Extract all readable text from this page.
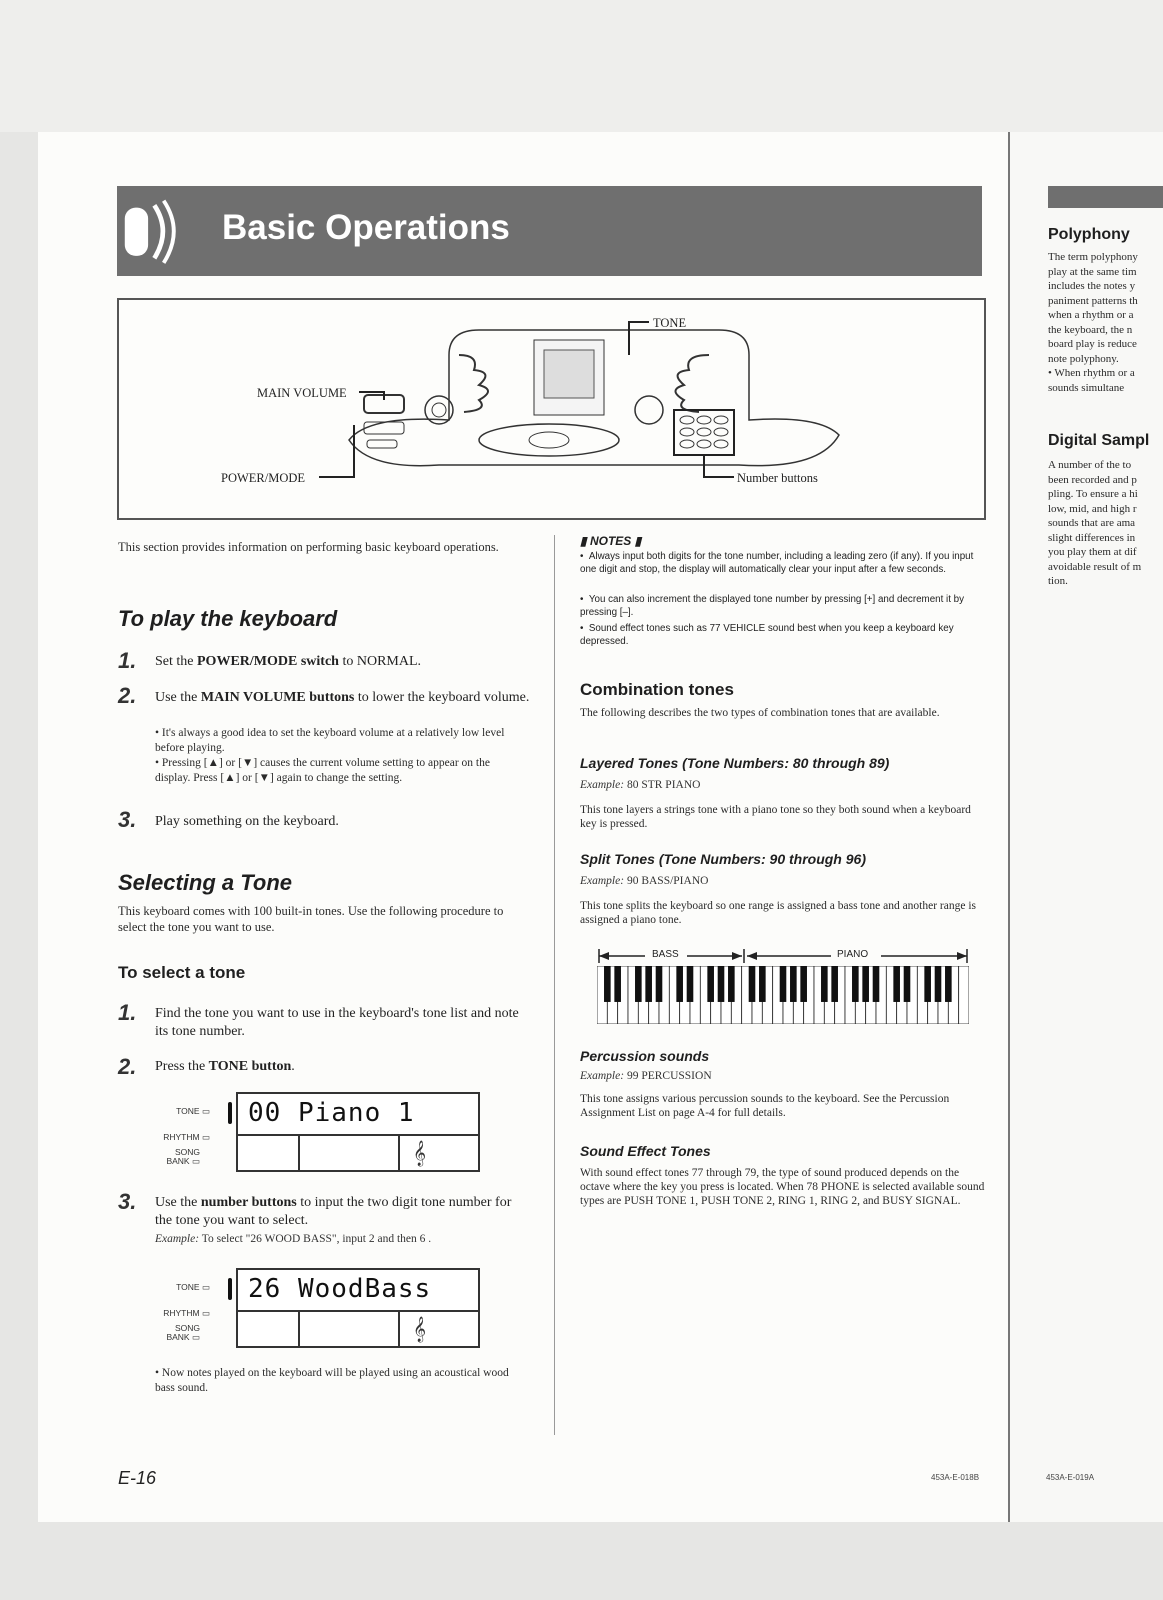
Basic Operations
TONE
MAIN VOLUME
POWER/MODE	Number buttons
This section provides information on performing basic keyboard operations.
To play the keyboard
1. Set the POWER/MODE switch to NORMAL.
2. Use the MAIN VOLUME buttons to lower the keyboard volume.
• It's always a good idea to set the keyboard volume at a relatively low level before playing.
• Pressing [▲] or [▼] causes the current volume setting to appear on the display. Press [▲] or [▼] again to change the setting.
3. Play something on the keyboard.
Selecting a Tone
This keyboard comes with 100 built-in tones. Use the following procedure to select the tone you want to use.
To select a tone
1. Find the tone you want to use in the keyboard's tone list and note its tone number.
2. Press the TONE button.
TONE ▭
RHYTHM ▭
SONG
BANK ▭
00 Piano 1
𝄞
3. Use the number buttons to input the two digit tone number for the tone you want to select.
Example: To select "26 WOOD BASS", input 2 and then 6 .
TONE ▭
RHYTHM ▭
SONG
BANK ▭
26 WoodBass
𝄞
• Now notes played on the keyboard will be played using an acoustical wood bass sound.
▮ NOTES ▮
•  Always input both digits for the tone number, including a leading zero (if any). If you input one digit and stop, the display will automatically clear your input after a few seconds.
•  You can also increment the displayed tone number by pressing [+] and decrement it by pressing [–].
•  Sound effect tones such as 77 VEHICLE sound best when you keep a keyboard key depressed.
Combination tones
The following describes the two types of combination tones that are available.
Layered Tones (Tone Numbers: 80 through 89)
Example: 80 STR PIANO
This tone layers a strings tone with a piano tone so they both sound when a keyboard key is pressed.
Split Tones (Tone Numbers: 90 through 96)
Example: 90 BASS/PIANO
This tone splits the keyboard so one range is assigned a bass tone and another range is assigned a piano tone.
BASS	PIANO
Percussion sounds
Example: 99 PERCUSSION
This tone assigns various percussion sounds to the keyboard. See the Percussion Assignment List on page A-4 for full details.
Sound Effect Tones
With sound effect tones 77 through 79, the type of sound produced depends on the octave where the key you press is located. When 78 PHONE is selected available sound types are PUSH TONE 1, PUSH TONE 2, RING 1, RING 2, and BUSY SIGNAL.
E-16	453A-E-018B	453A-E-019A
Polyphony
The term polyphony
play at the same tim
includes the notes y
paniment patterns th
when a rhythm or a
the keyboard, the n
board play is reduce
note polyphony.
• When rhythm or a
sounds simultane
Digital Sampl
A number of the to
been recorded and p
pling. To ensure a hi
low, mid, and high r
sounds that are ama
slight differences in
you play them at dif
avoidable result of m
tion.
